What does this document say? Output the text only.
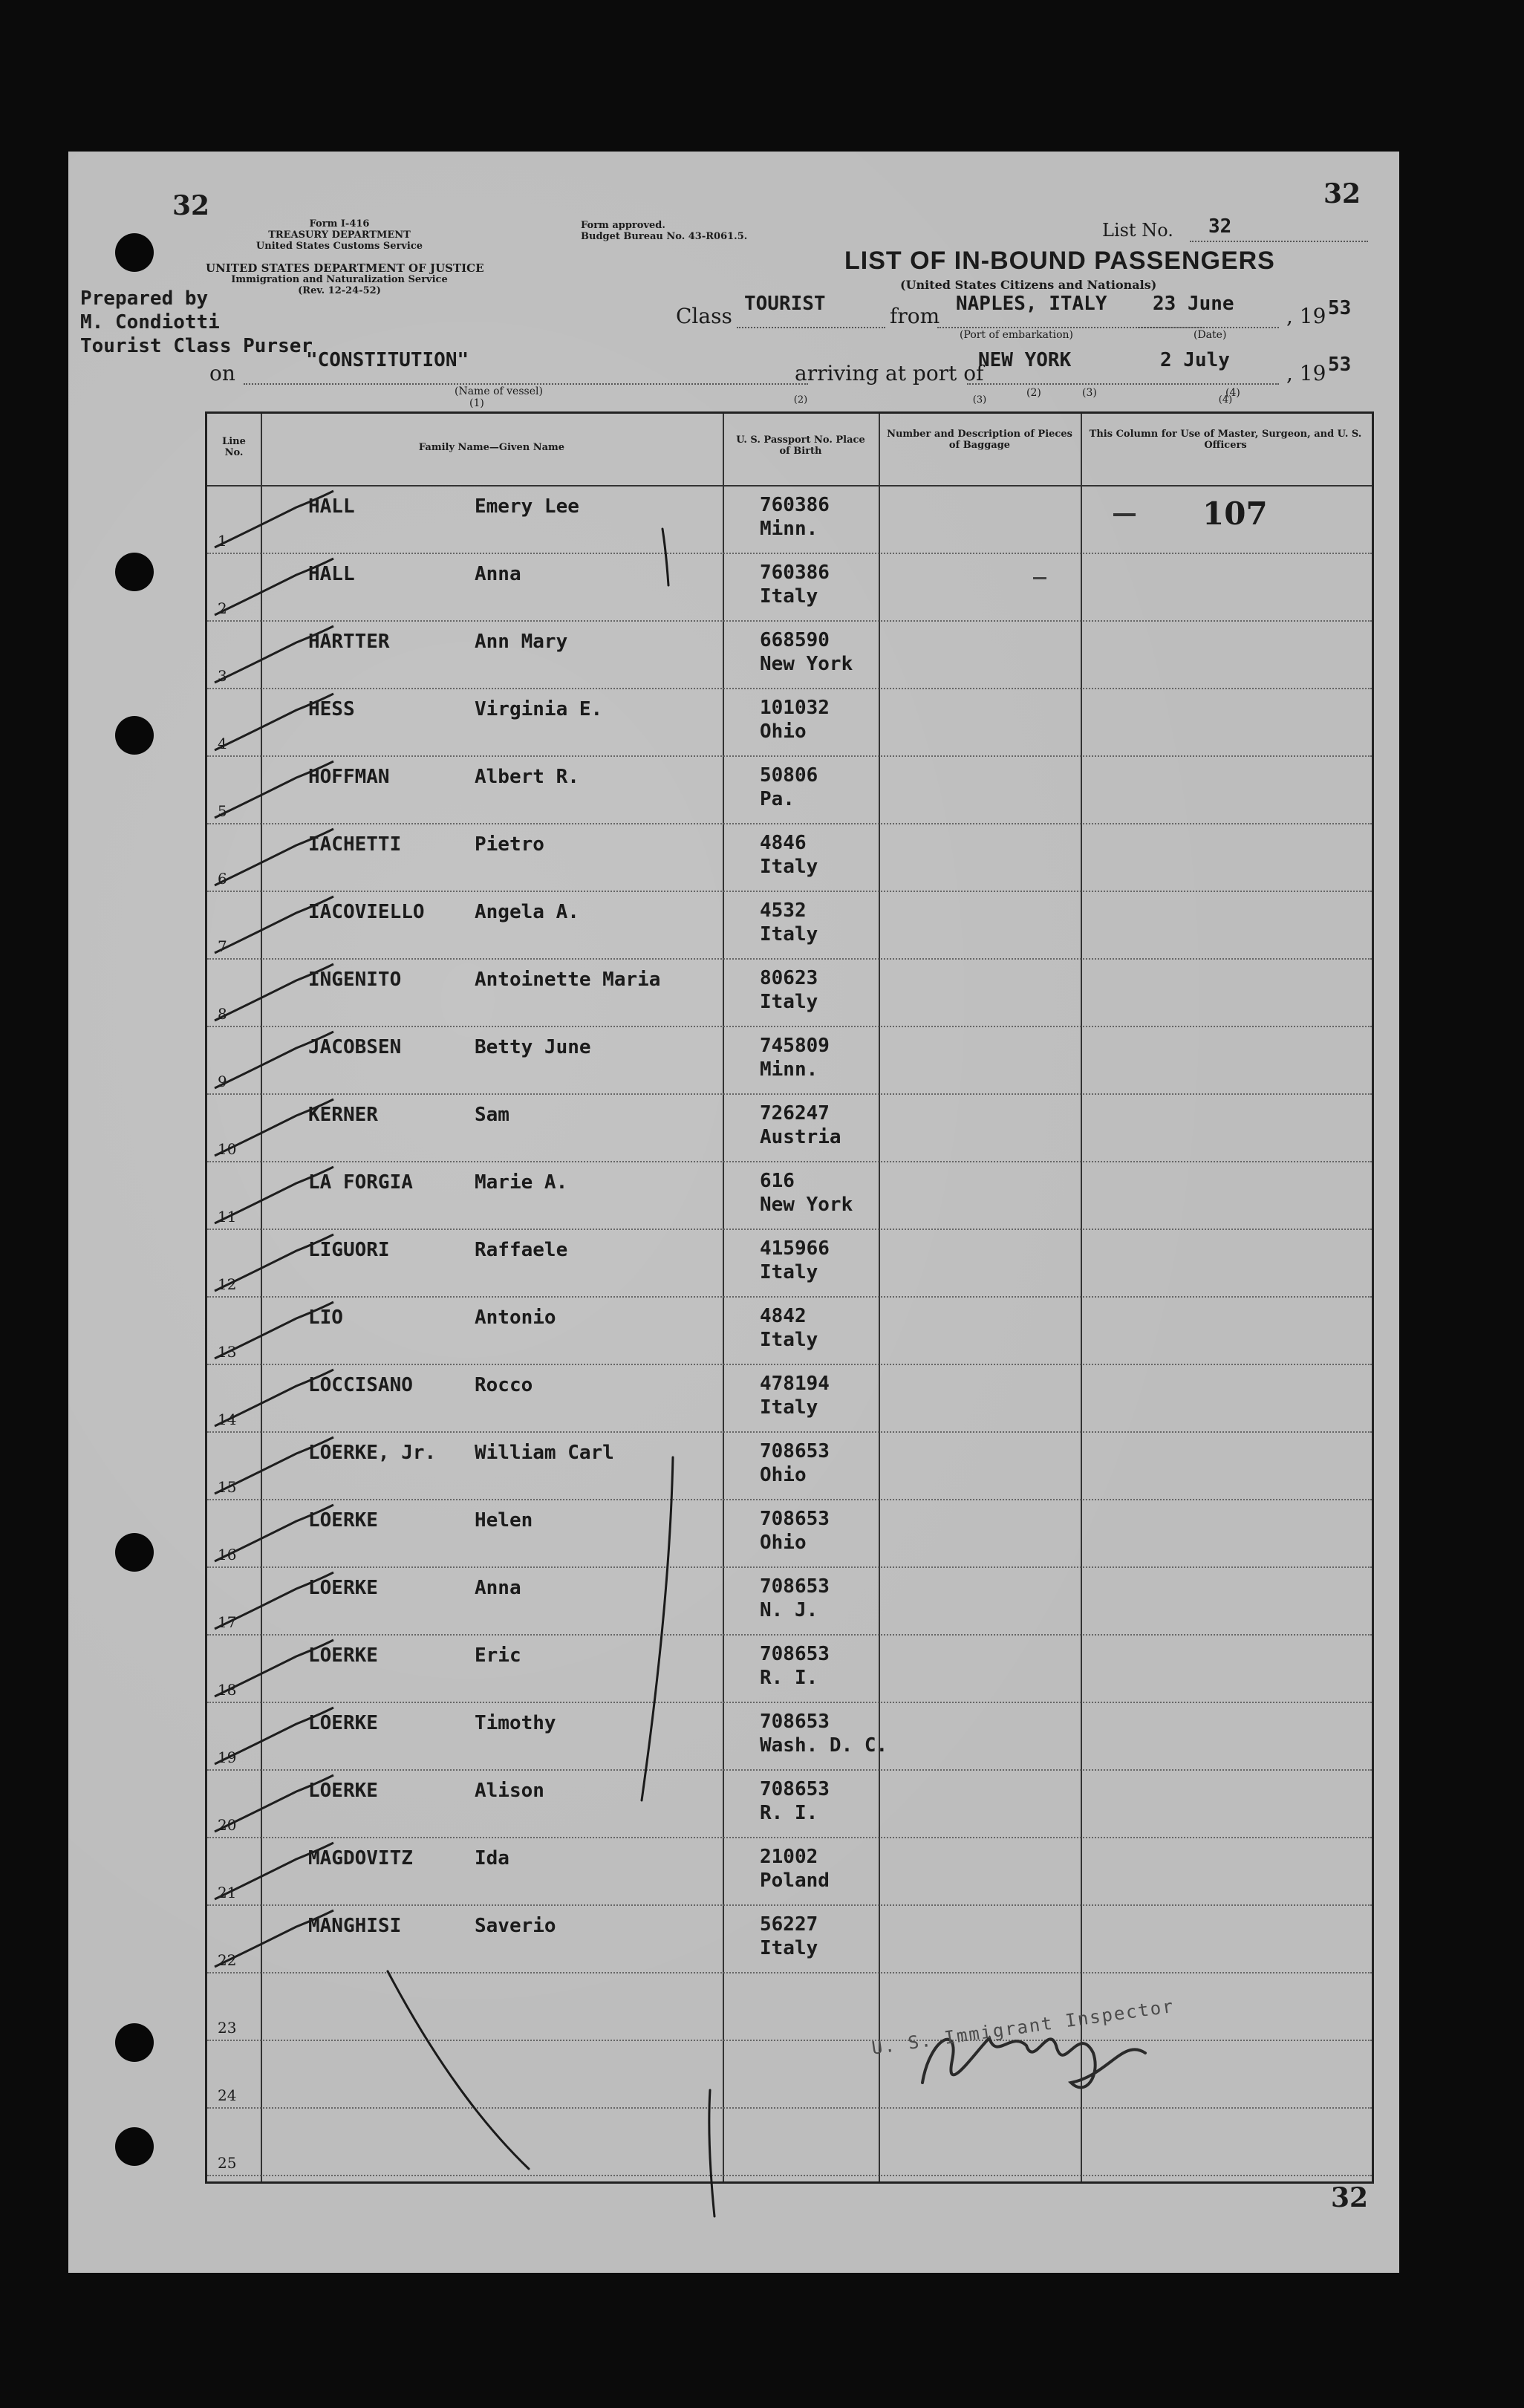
32	32
Form I-416
TREASURY DEPARTMENT
United States Customs Service
UNITED STATES DEPARTMENT OF JUSTICE
Immigration and Naturalization Service
(Rev. 12-24-52)
Form approved.
Budget Bureau No. 43-R061.5.	List No. 32
LIST OF IN-BOUND PASSENGERS
(United States Citizens and Nationals)
Prepared by
M. Condiotti
Tourist Class Purser
Class TOURIST	from NAPLES, ITALY
(Port of embarkation)
23 June
(Date)
, 19 53
on
"CONSTITUTION"
(Name of vessel)
(1)
arriving at port of
NEW YORK
(2)	(3)
2 July
(4)
, 19 53
Line No.	Family Name—Given Name
U. S. Passport No. Place of Birth
(2)
Number and Description of Pieces of Baggage
(3)
This Column for Use of Master, Surgeon, and U. S. Officers
(4)
1
HALL	Emery Lee	760386
Minn.
2
HALL	Anna	760386
Italy
3
HARTTER	Ann Mary	668590
New York
4
HESS	Virginia E.	101032
Ohio
5
HOFFMAN	Albert R.	50806
Pa.
6
IACHETTI	Pietro	4846
Italy
7
IACOVIELLO	Angela A.	4532
Italy
8
INGENITO	Antoinette Maria	80623
Italy
9
JACOBSEN	Betty June	745809
Minn.
10
KERNER	Sam	726247
Austria
11
LA FORGIA	Marie A.	616
New York
12
LIGUORI	Raffaele	415966
Italy
13
LIO	Antonio	4842
Italy
14
LOCCISANO	Rocco	478194
Italy
15
LOERKE, Jr. William Carl	708653
Ohio
16
LOERKE	Helen	708653
Ohio
17
LOERKE	Anna	708653
N. J.
18
LOERKE	Eric	708653
R. I.
19
LOERKE	Timothy	708653
Wash. D. C.
20
LOERKE	Alison	708653
R. I.
21
MAGDOVITZ	Ida	21002
Poland
22
MANGHISI	Saverio	56227
Italy
23
24
25
107
U. S. Immigrant Inspector
32
